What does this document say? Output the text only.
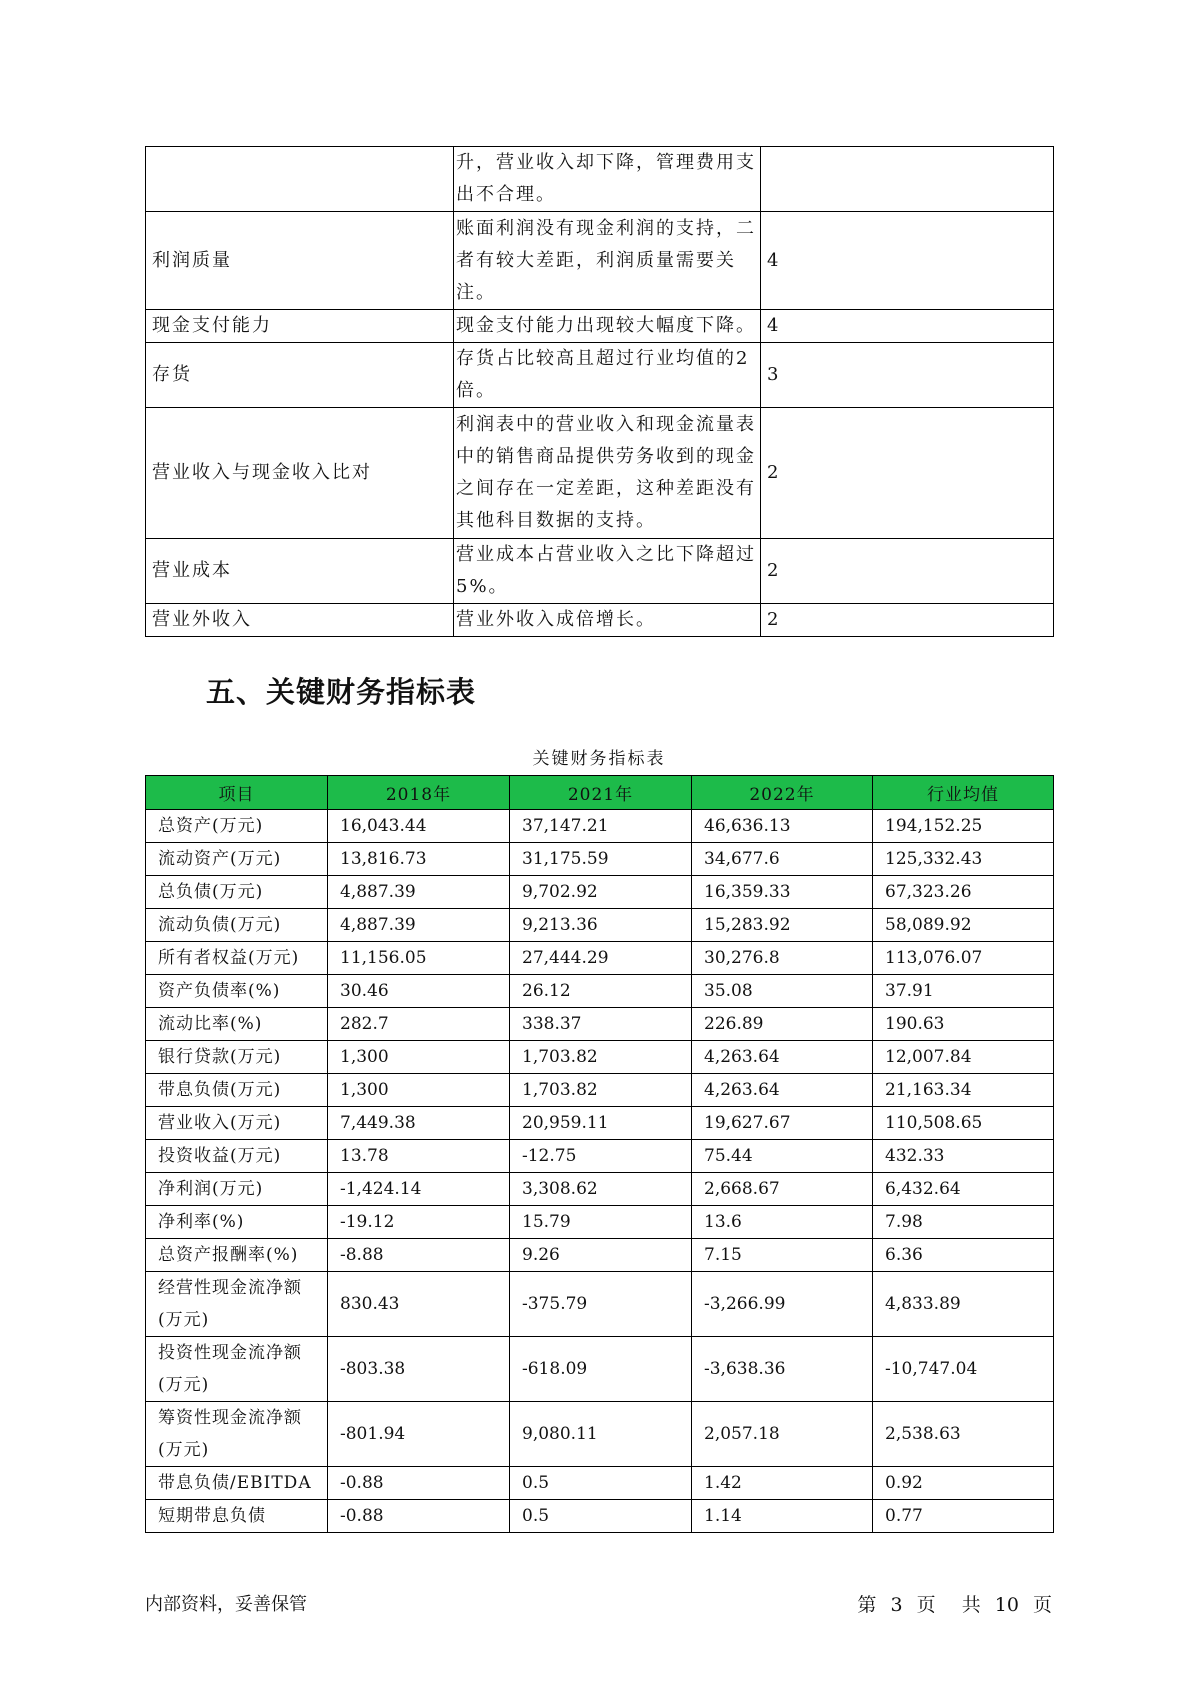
	升，营业收入却下降，管理费用支出不合理。	
利润质量	账面利润没有现金利润的支持，二者有较大差距，利润质量需要关注。	4
现金支付能力	现金支付能力出现较大幅度下降。	4
存货	存货占比较高且超过行业均值的2倍。	3
营业收入与现金收入比对	利润表中的营业收入和现金流量表中的销售商品提供劳务收到的现金之间存在一定差距，这种差距没有其他科目数据的支持。	2
营业成本	营业成本占营业收入之比下降超过5%。	2
营业外收入	营业外收入成倍增长。	2
五、关键财务指标表
关键财务指标表
项目	2018年	2021年	2022年	行业均值
总资产(万元)	16,043.44	37,147.21	46,636.13	194,152.25
流动资产(万元)	13,816.73	31,175.59	34,677.6	125,332.43
总负债(万元)	4,887.39	9,702.92	16,359.33	67,323.26
流动负债(万元)	4,887.39	9,213.36	15,283.92	58,089.92
所有者权益(万元)	11,156.05	27,444.29	30,276.8	113,076.07
资产负债率(%)	30.46	26.12	35.08	37.91
流动比率(%)	282.7	338.37	226.89	190.63
银行贷款(万元)	1,300	1,703.82	4,263.64	12,007.84
带息负债(万元)	1,300	1,703.82	4,263.64	21,163.34
营业收入(万元)	7,449.38	20,959.11	19,627.67	110,508.65
投资收益(万元)	13.78	-12.75	75.44	432.33
净利润(万元)	-1,424.14	3,308.62	2,668.67	6,432.64
净利率(%)	-19.12	15.79	13.6	7.98
总资产报酬率(%)	-8.88	9.26	7.15	6.36
经营性现金流净额(万元)	830.43	-375.79	-3,266.99	4,833.89
投资性现金流净额(万元)	-803.38	-618.09	-3,638.36	-10,747.04
筹资性现金流净额(万元)	-801.94	9,080.11	2,057.18	2,538.63
带息负债/EBITDA	-0.88	0.5	1.42	0.92
短期带息负债	-0.88	0.5	1.14	0.77
内部资料，妥善保管	第 3 页 共 10 页
